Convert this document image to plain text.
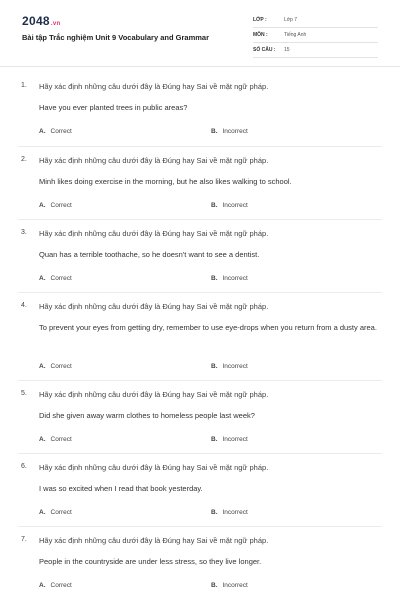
2048.vn
Bài tập Trắc nghiệm Unit 9 Vocabulary and Grammar
LỚP :	Lớp 7
MÔN :	Tiếng Anh
SỐ CÂU : 15
1. Hãy xác định những câu dưới đây là Đúng hay Sai về mặt ngữ pháp.
Have you ever planted trees in public areas?
A. Correct	B. Incorrect
2. Hãy xác định những câu dưới đây là Đúng hay Sai về mặt ngữ pháp.
Minh likes doing exercise in the morning, but he also likes walking to school.
A. Correct	B. Incorrect
3. Hãy xác định những câu dưới đây là Đúng hay Sai về mặt ngữ pháp.
Quan has a terrible toothache, so he doesn't want to see a dentist.
A. Correct	B. Incorrect
4. Hãy xác định những câu dưới đây là Đúng hay Sai về mặt ngữ pháp.
To prevent your eyes from getting dry, remember to use eye-drops when you return from a dusty area.
A. Correct	B. Incorrect
5. Hãy xác định những câu dưới đây là Đúng hay Sai về mặt ngữ pháp.
Did she given away warm clothes to homeless people last week?
A. Correct	B. Incorrect
6. Hãy xác định những câu dưới đây là Đúng hay Sai về mặt ngữ pháp.
I was so excited when I read that book yesterday.
A. Correct	B. Incorrect
7. Hãy xác định những câu dưới đây là Đúng hay Sai về mặt ngữ pháp.
People in the countryside are under less stress, so they live longer.
A. Correct	B. Incorrect
